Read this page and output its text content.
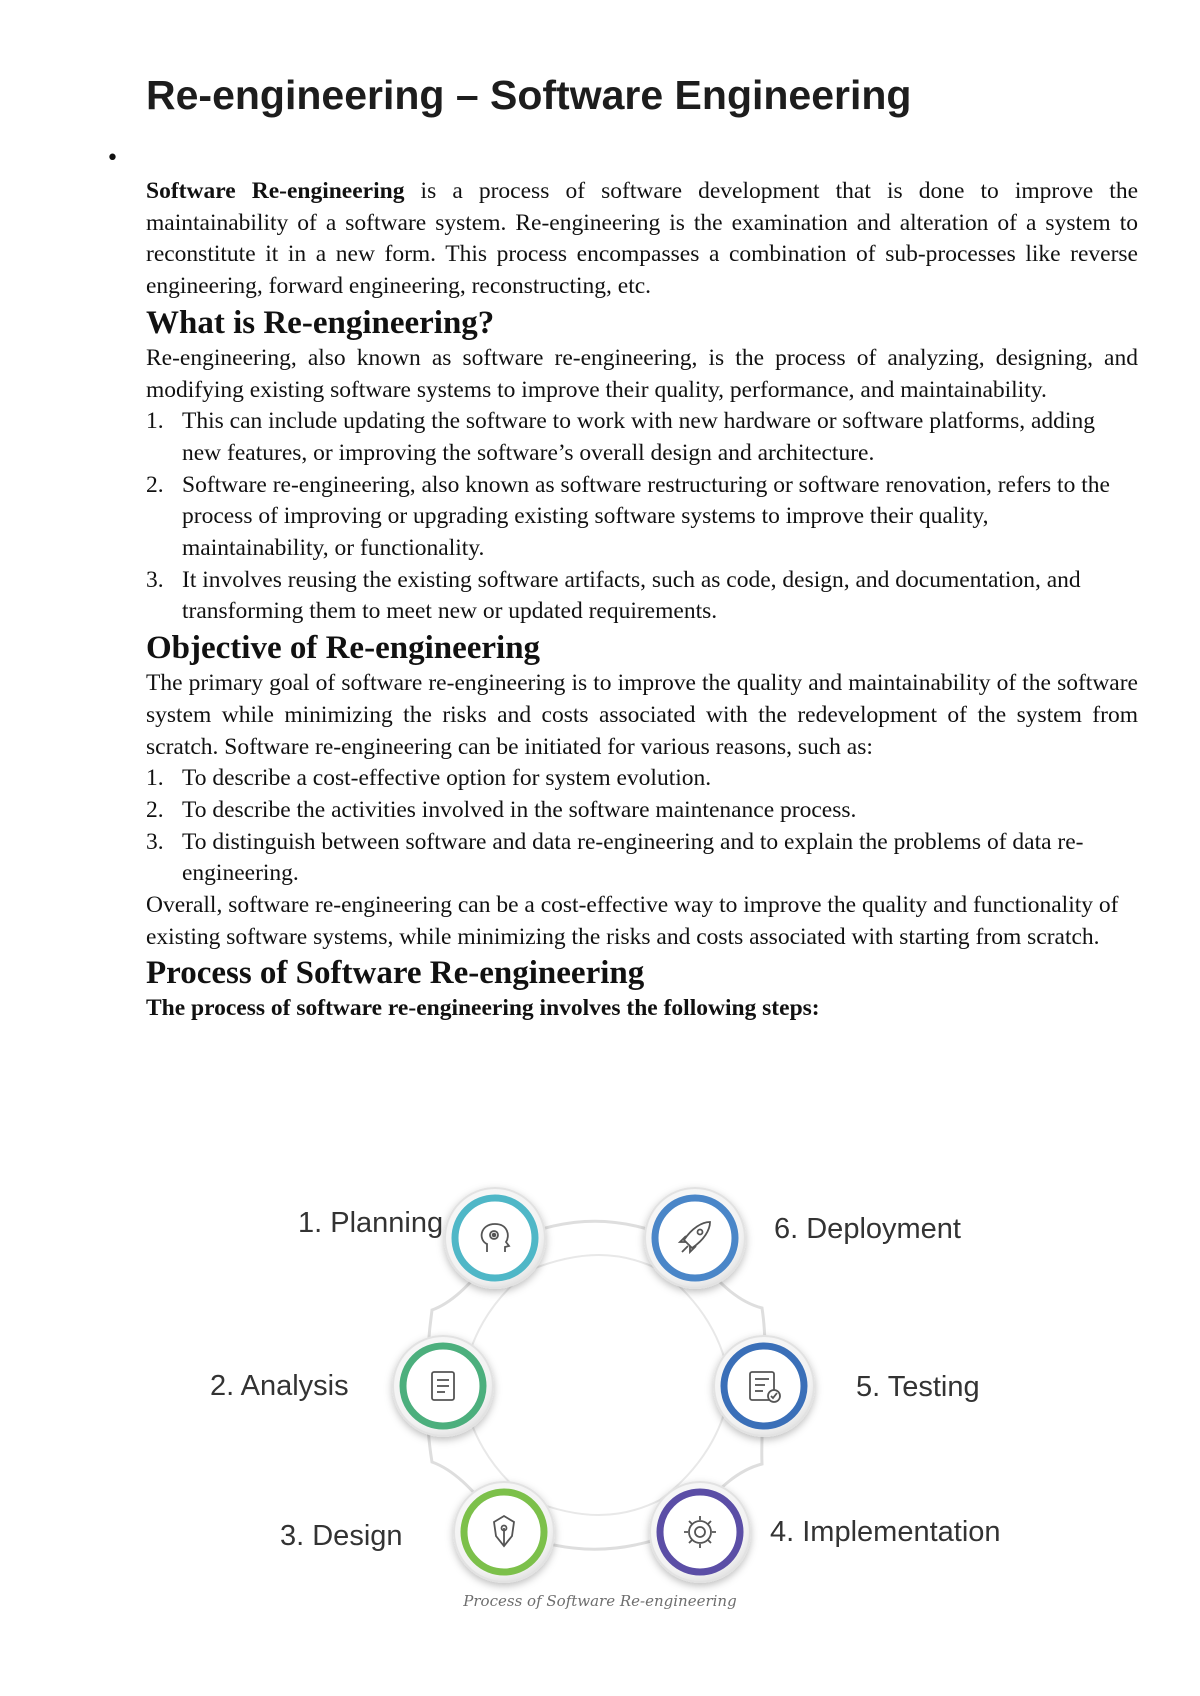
Re-engineering – Software Engineering
•

Software Re-engineering is a process of software development that is done to improve the maintainability of a software system. Re-engineering is the examination and alteration of a system to reconstitute it in a new form. This process encompasses a combination of sub-processes like reverse engineering, forward engineering, reconstructing, etc.

What is Re-engineering?

Re-engineering, also known as software re-engineering, is the process of analyzing, designing, and modifying existing software systems to improve their quality, performance, and maintainability.

1. This can include updating the software to work with new hardware or software platforms, adding new features, or improving the software’s overall design and architecture.
2. Software re-engineering, also known as software restructuring or software renovation, refers to the process of improving or upgrading existing software systems to improve their quality, maintainability, or functionality.
3. It involves reusing the existing software artifacts, such as code, design, and documentation, and transforming them to meet new or updated requirements.
Objective of Re-engineering

The primary goal of software re-engineering is to improve the quality and maintainability of the software system while minimizing the risks and costs associated with the redevelopment of the system from scratch. Software re-engineering can be initiated for various reasons, such as:

1. To describe a cost-effective option for system evolution.
2. To describe the activities involved in the software maintenance process.
3. To distinguish between software and data re-engineering and to explain the problems of data re-engineering.

Overall, software re-engineering can be a cost-effective way to improve the quality and functionality of existing software systems, while minimizing the risks and costs associated with starting from scratch.

Process of Software Re-engineering

The process of software re-engineering involves the following steps:

1. Planning	6. Deployment
2. Analysis	5. Testing
3. Design	4. Implementation
Process of Software Re-engineering
